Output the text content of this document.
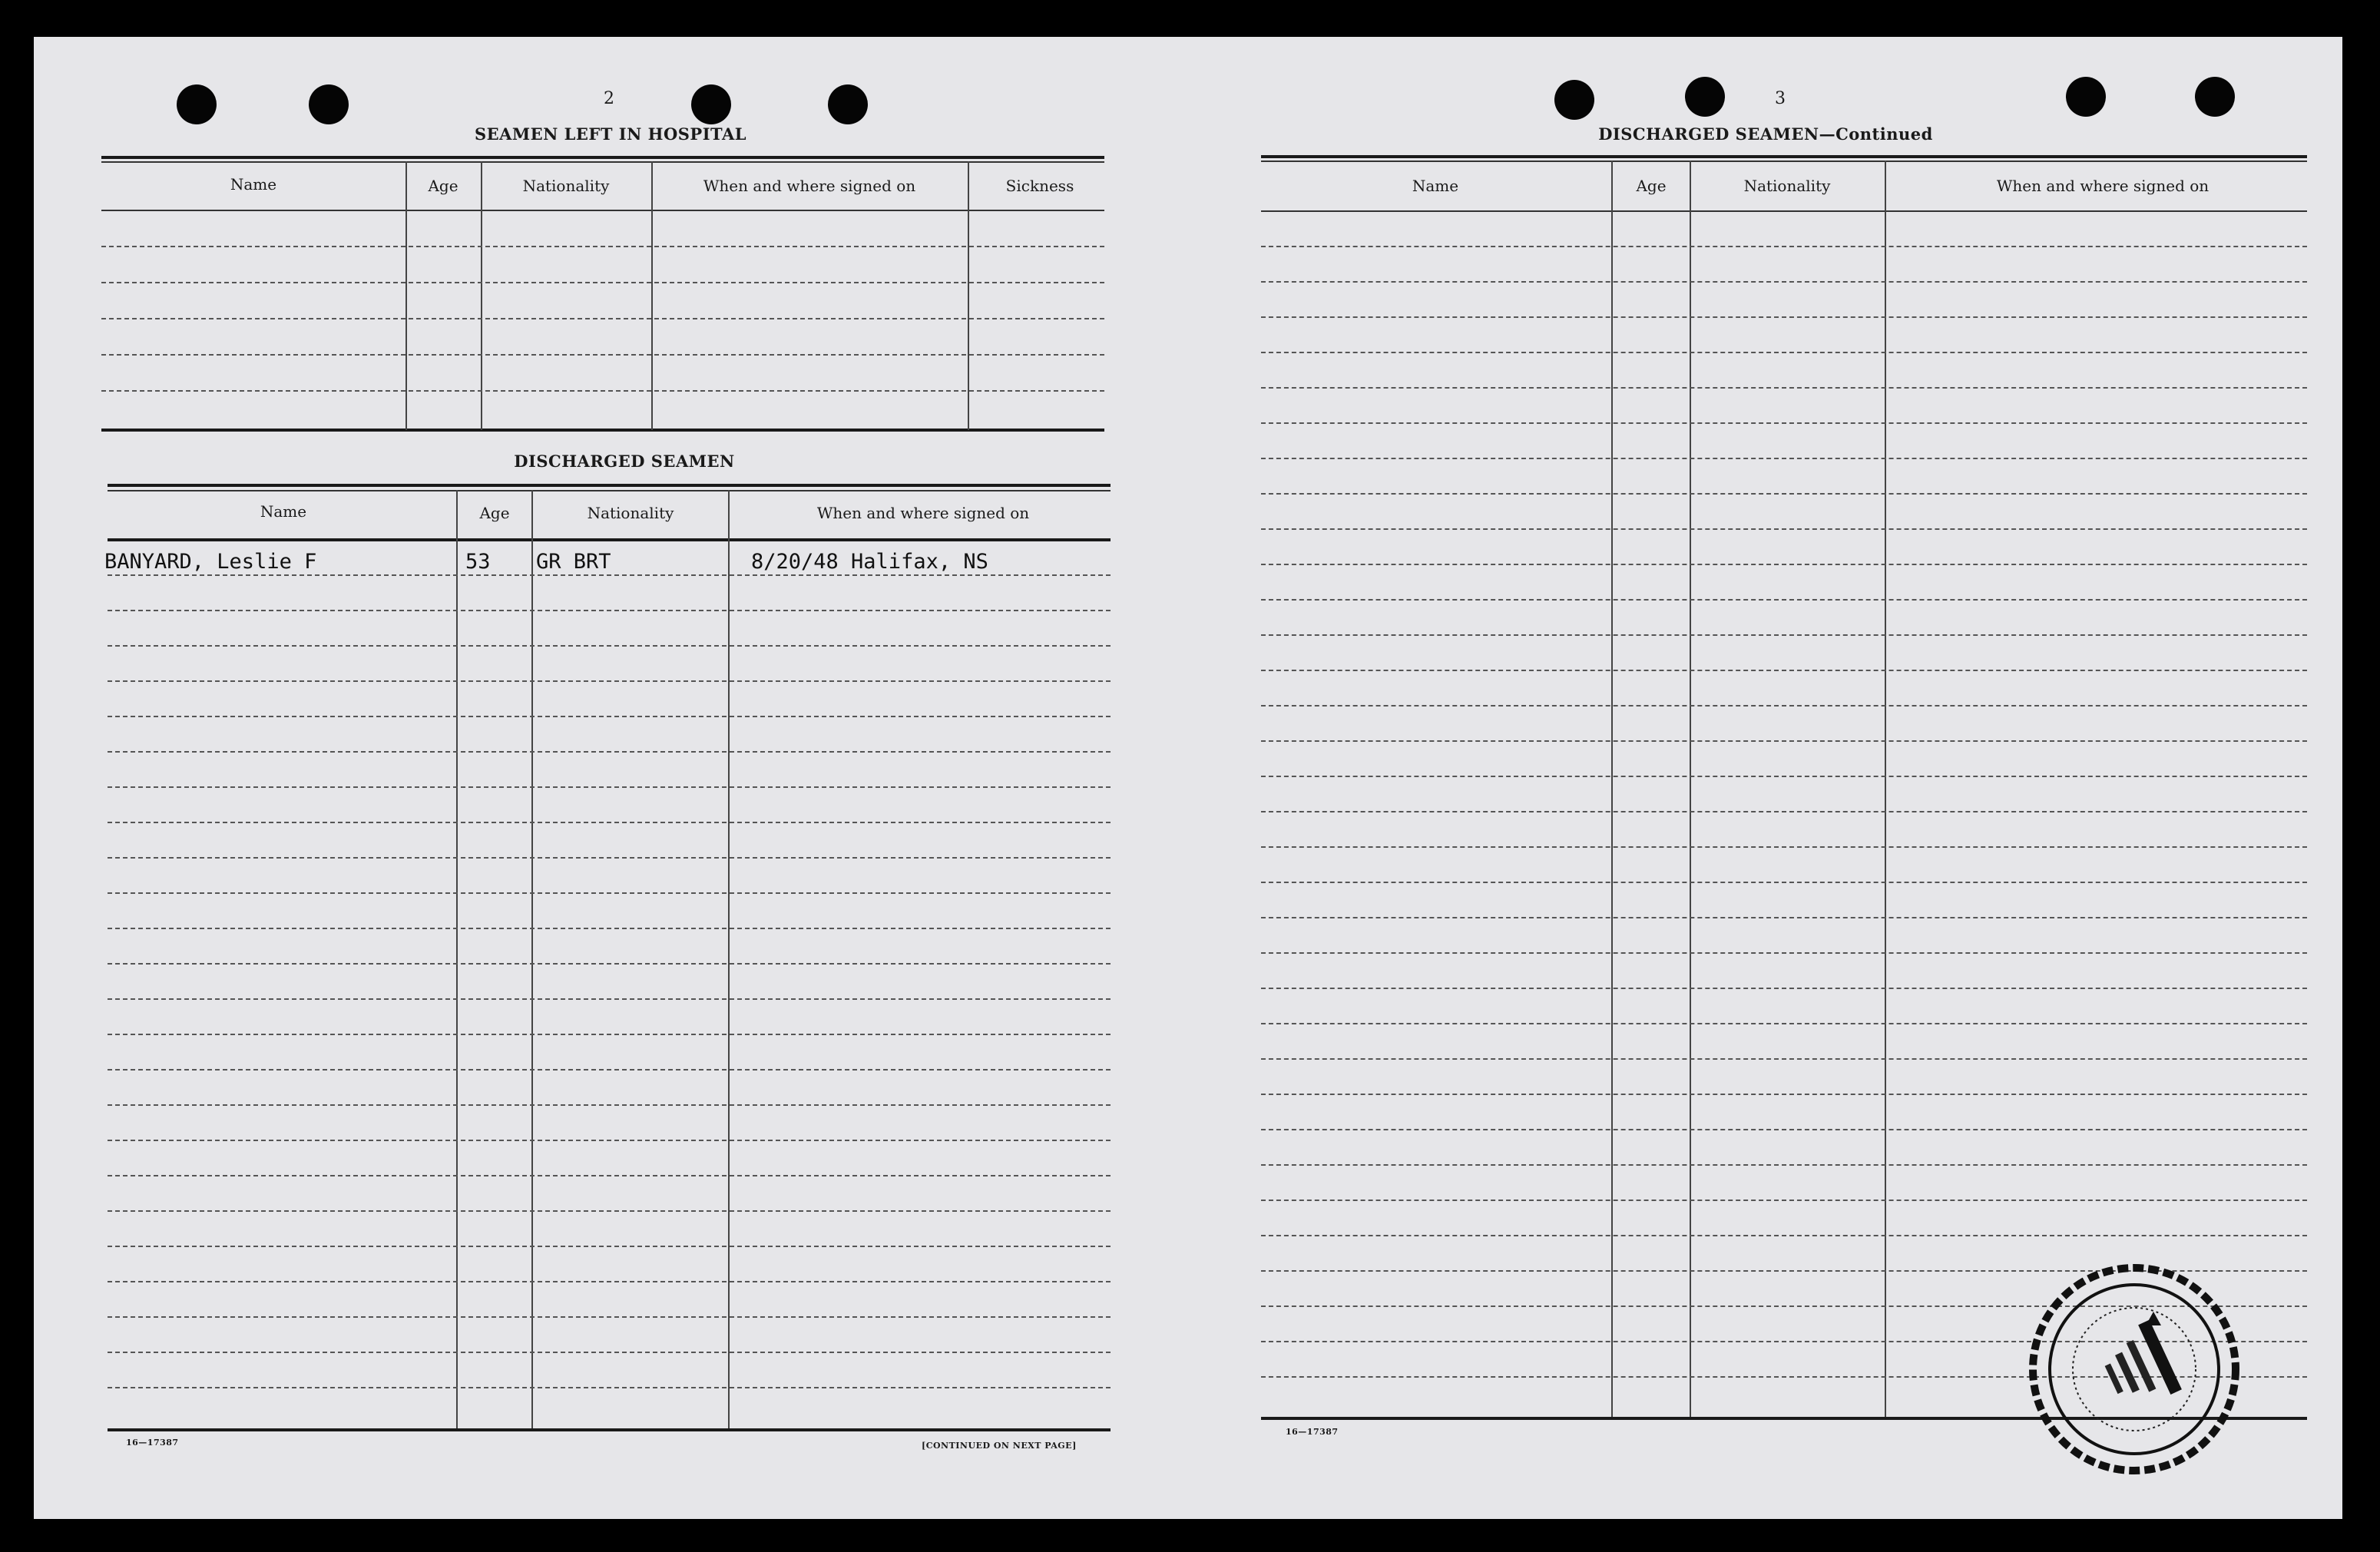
2
SEAMEN LEFT IN HOSPITAL
Name	Age	Nationality	When and where signed on	Sickness
DISCHARGED SEAMEN
Name	Age	Nationality	When and where signed on
BANYARD, Leslie F	53 GR BRT	8/20/48 Halifax, NS
16—17387	[CONTINUED ON NEXT PAGE]
3
DISCHARGED SEAMEN—Continued
Name	Age	Nationality	When and where signed on
16—17387
